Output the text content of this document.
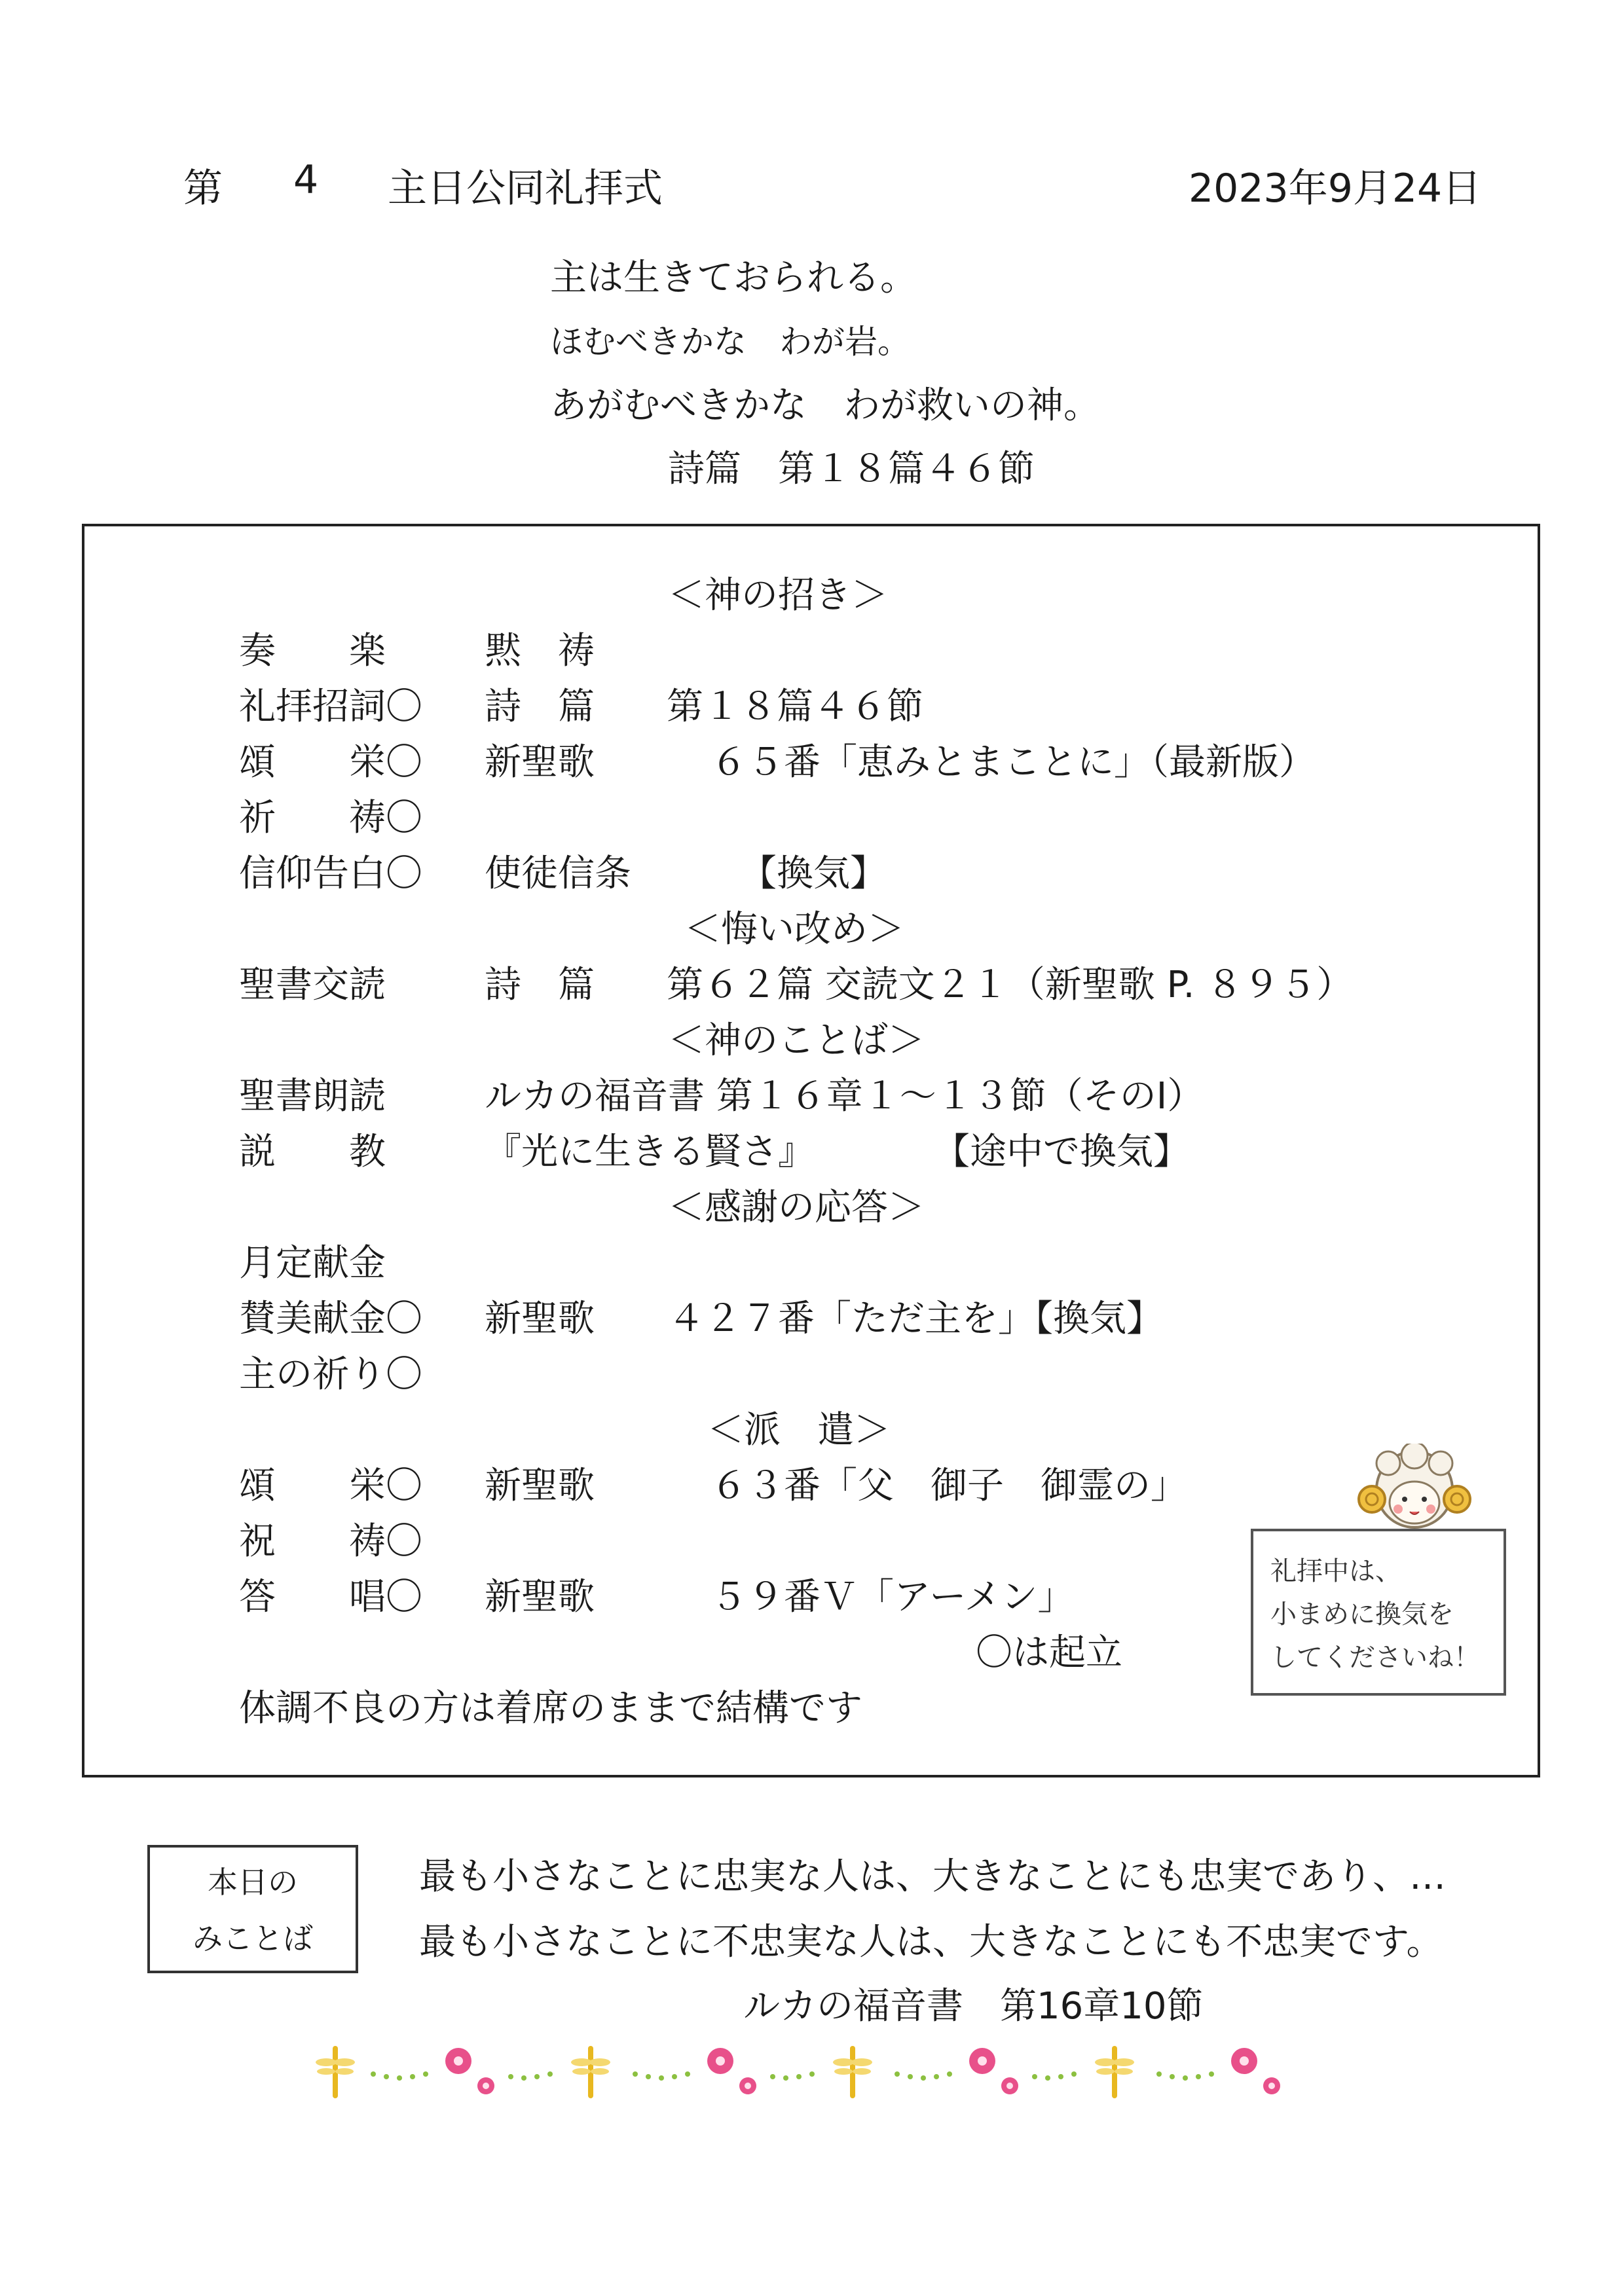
第 4 主日公同礼拝式	2023年9月24日
主は生きておられる。
ほむべきかな　わが岩。
あがむべきかな　わが救いの神。
詩篇　第１８篇４６節
＜神の招き＞
奏　　楽	黙　祷
礼拝招詞〇 詩　篇 第１８篇４６節
頌　　栄〇 新聖歌	６５番「恵みとまことに」（最新版）
祈　　祷〇
信仰告白〇 使徒信条	【換気】
＜悔い改め＞
聖書交読	詩　篇 第６２篇 交読文２１（新聖歌 P. ８９５）
＜神のことば＞
聖書朗読	ルカの福音書 第１６章１～１３節（そのⅠ）
説　　教	『光に生きる賢さ』	【途中で換気】
＜感謝の応答＞
月定献金
賛美献金〇 新聖歌 ４２７番「ただ主を」【換気】
主の祈り〇
＜派　遣＞
頌　　栄〇 新聖歌	６３番「父　御子　御霊の」
祝　　祷〇
答　　唱〇 新聖歌	５９番Ｖ「アーメン」
〇は起立
体調不良の方は着席のままで結構です
礼拝中は、
小まめに換気を
してくださいね！
本日の
みことば
最も小さなことに忠実な人は、大きなことにも忠実であり、…
最も小さなことに不忠実な人は、大きなことにも不忠実です。
ルカの福音書　第16章10節
